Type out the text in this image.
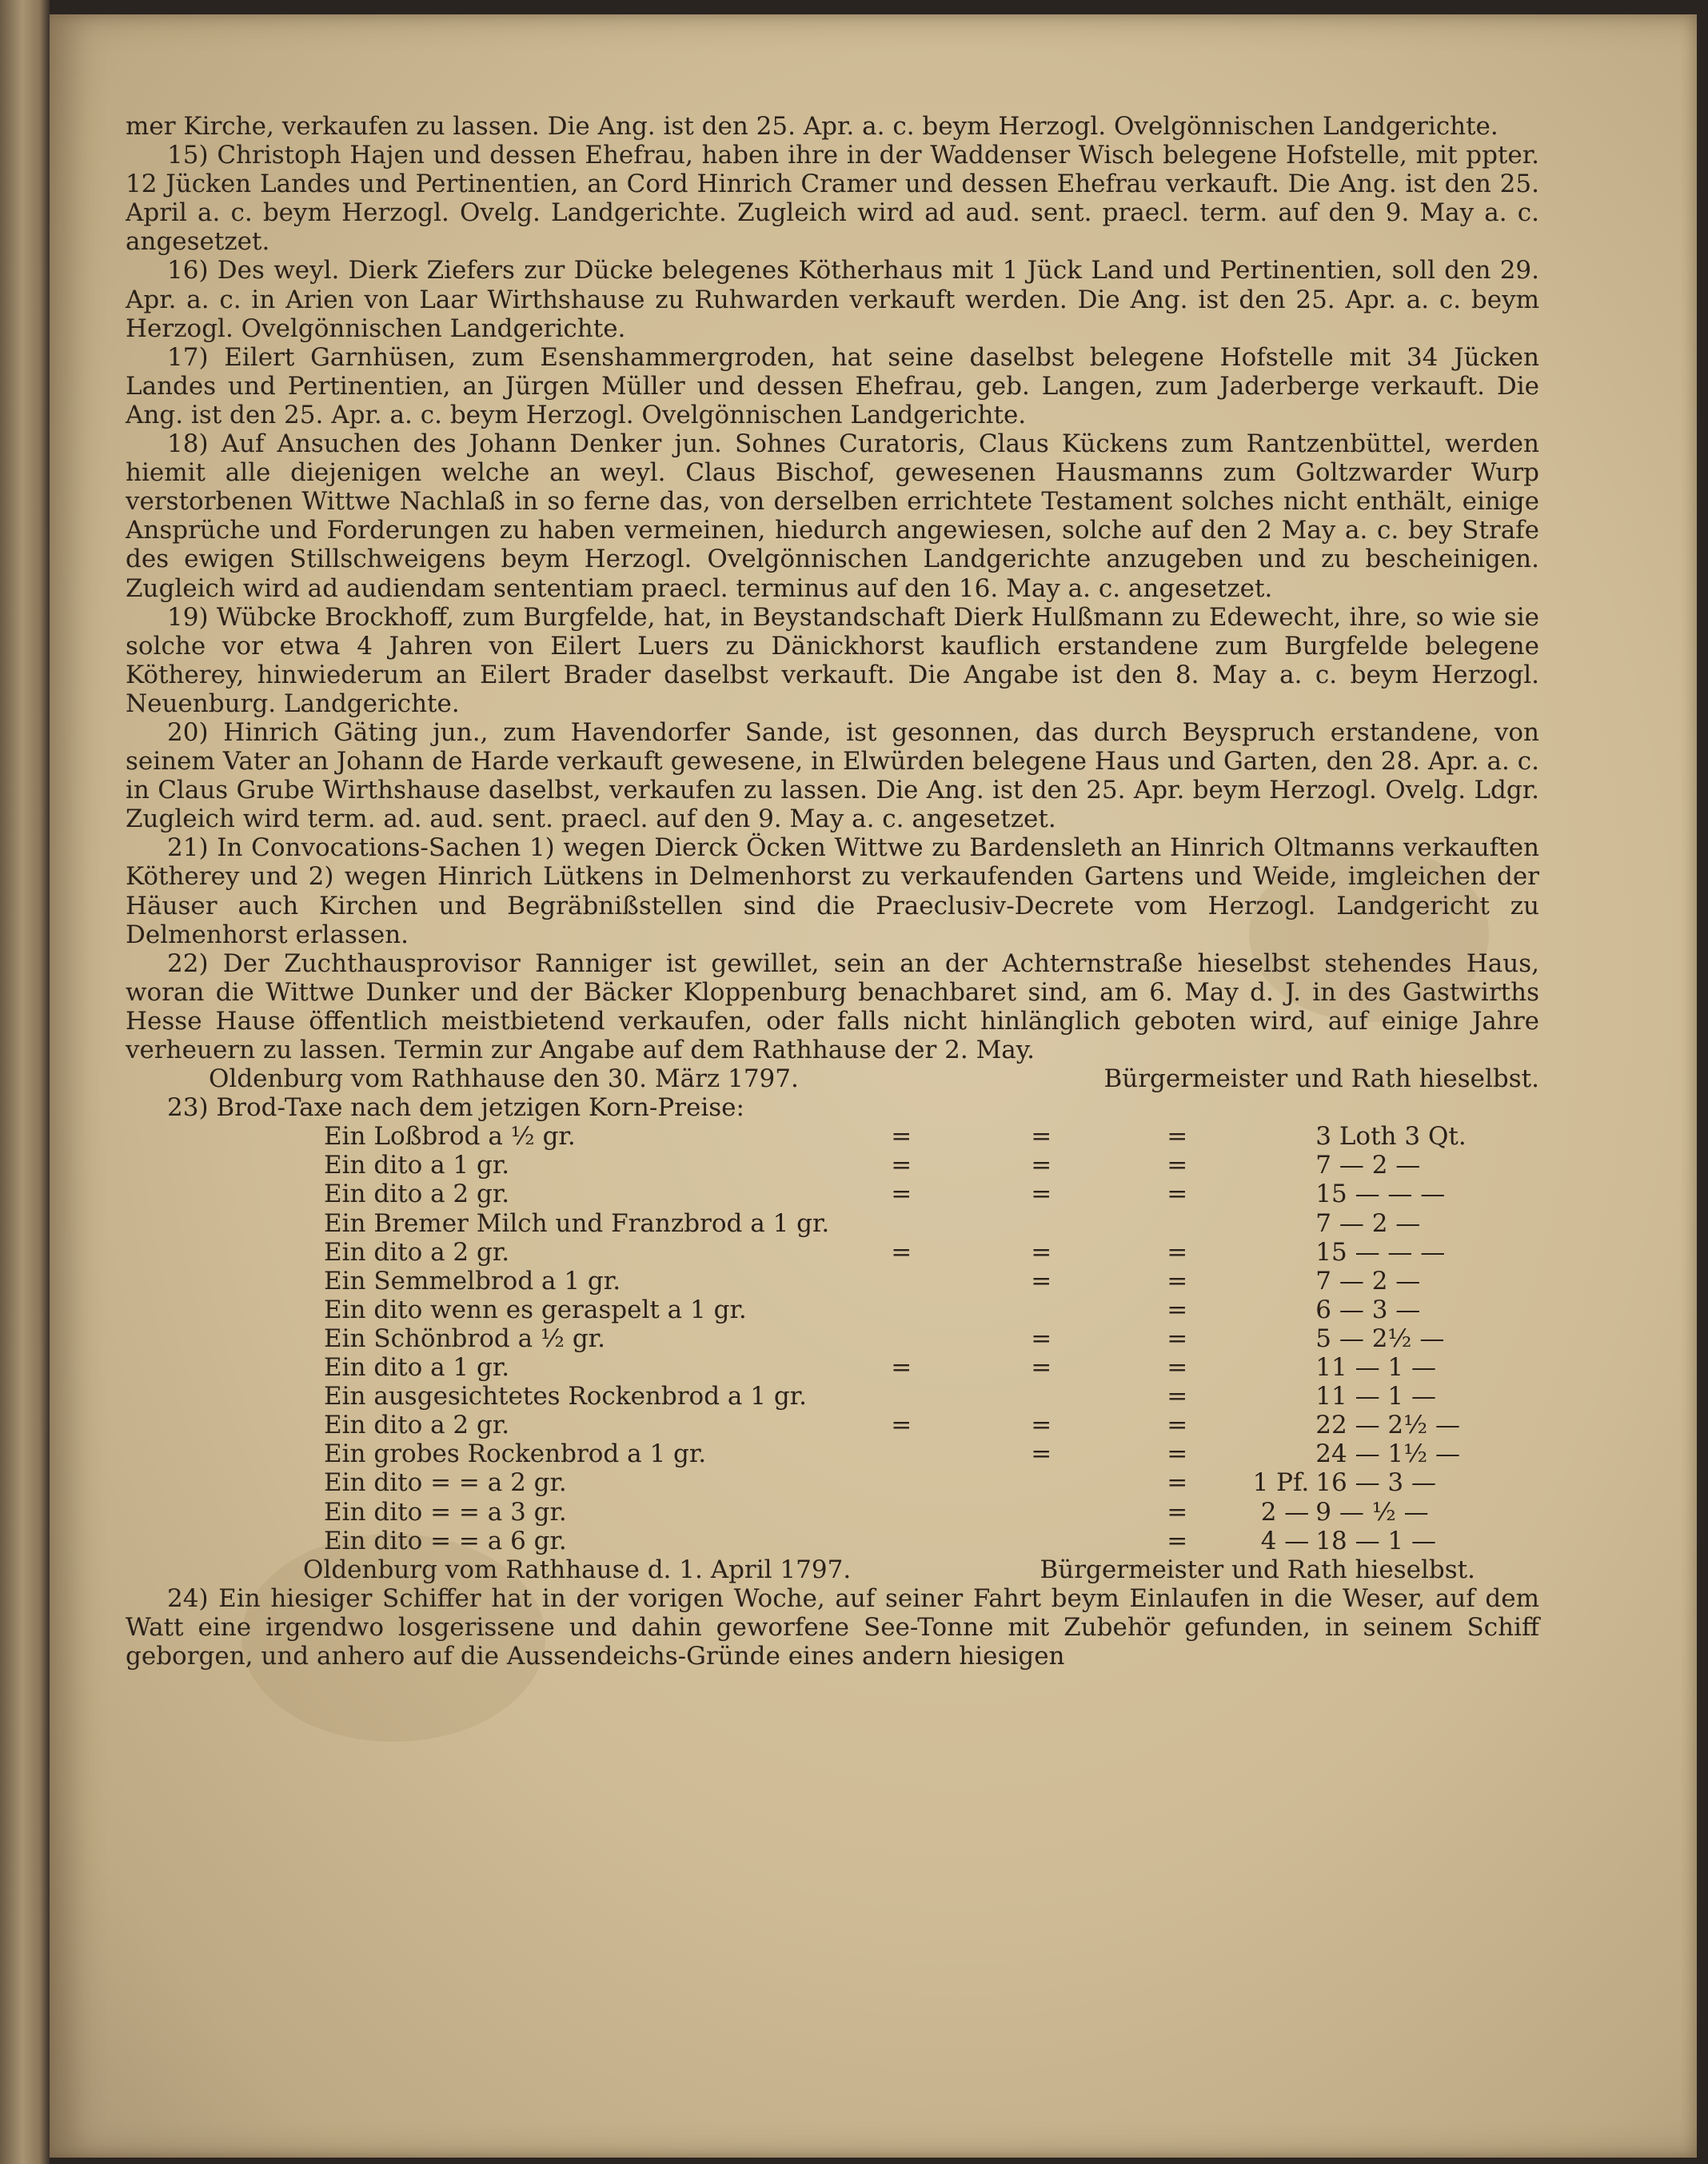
mer Kirche, verkaufen zu lassen. Die Ang. ist den 25. Apr. a. c. beym Herzogl. Ovelgönnischen Landgerichte.

15) Christoph Hajen und dessen Ehefrau, haben ihre in der Waddenser Wisch belegene Hofstelle, mit ppter. 12 Jücken Landes und Pertinentien, an Cord Hinrich Cramer und dessen Ehefrau verkauft. Die Ang. ist den 25. April a. c. beym Herzogl. Ovelg. Landgerichte. Zugleich wird ad aud. sent. praecl. term. auf den 9. May a. c. angesetzet.

16) Des weyl. Dierk Ziefers zur Dücke belegenes Kötherhaus mit 1 Jück Land und Pertinentien, soll den 29. Apr. a. c. in Arien von Laar Wirthshause zu Ruhwarden verkauft werden. Die Ang. ist den 25. Apr. a. c. beym Herzogl. Ovelgönnischen Landgerichte.

17) Eilert Garnhüsen, zum Esenshammergroden, hat seine daselbst belegene Hofstelle mit 34 Jücken Landes und Pertinentien, an Jürgen Müller und dessen Ehefrau, geb. Langen, zum Jaderberge verkauft. Die Ang. ist den 25. Apr. a. c. beym Herzogl. Ovelgönnischen Landgerichte.

18) Auf Ansuchen des Johann Denker jun. Sohnes Curatoris, Claus Kückens zum Rantzenbüttel, werden hiemit alle diejenigen welche an weyl. Claus Bischof, gewesenen Hausmanns zum Goltzwarder Wurp verstorbenen Wittwe Nachlaß in so ferne das, von derselben errichtete Testament solches nicht enthält, einige Ansprüche und Forderungen zu haben vermeinen, hiedurch angewiesen, solche auf den 2 May a. c. bey Strafe des ewigen Stillschweigens beym Herzogl. Ovelgönnischen Landgerichte anzugeben und zu bescheinigen. Zugleich wird ad audiendam sententiam praecl. terminus auf den 16. May a. c. angesetzet.

19) Wübcke Brockhoff, zum Burgfelde, hat, in Beystandschaft Dierk Hulßmann zu Edewecht, ihre, so wie sie solche vor etwa 4 Jahren von Eilert Luers zu Dänickhorst kauflich erstandene zum Burgfelde belegene Kötherey, hinwiederum an Eilert Brader daselbst verkauft. Die Angabe ist den 8. May a. c. beym Herzogl. Neuenburg. Landgerichte.

20) Hinrich Gäting jun., zum Havendorfer Sande, ist gesonnen, das durch Beyspruch erstandene, von seinem Vater an Johann de Harde verkauft gewesene, in Elwürden belegene Haus und Garten, den 28. Apr. a. c. in Claus Grube Wirthshause daselbst, verkaufen zu lassen. Die Ang. ist den 25. Apr. beym Herzogl. Ovelg. Ldgr. Zugleich wird term. ad. aud. sent. praecl. auf den 9. May a. c. angesetzet.

21) In Convocations-Sachen 1) wegen Dierck Öcken Wittwe zu Bardensleth an Hinrich Oltmanns verkauften Kötherey und 2) wegen Hinrich Lütkens in Delmenhorst zu verkaufenden Gartens und Weide, imgleichen der Häuser auch Kirchen und Begräbnißstellen sind die Praeclusiv-Decrete vom Herzogl. Landgericht zu Delmenhorst erlassen.

22) Der Zuchthausprovisor Ranniger ist gewillet, sein an der Achternstraße hieselbst stehendes Haus, woran die Wittwe Dunker und der Bäcker Kloppenburg benachbaret sind, am 6. May d. J. in des Gastwirths Hesse Hause öffentlich meistbietend verkaufen, oder falls nicht hinlänglich geboten wird, auf einige Jahre verheuern zu lassen. Termin zur Angabe auf dem Rathhause der 2. May.

Oldenburg vom Rathhause den 30. März 1797.	Bürgermeister und Rath hieselbst.

23) Brod-Taxe nach dem jetzigen Korn-Preise:

Ein Loßbrod a ½ gr.	=	=	=		3 Loth 3 Qt.
Ein dito a 1 gr.	=	=	=		7 — 2 —
Ein dito a 2 gr.	=	=	=		15 — — —
Ein Bremer Milch und Franzbrod a 1 gr.					7 — 2 —
Ein dito a 2 gr.	=	=	=		15 — — —
Ein Semmelbrod a 1 gr.		=	=		7 — 2 —
Ein dito wenn es geraspelt a 1 gr.			=		6 — 3 —
Ein Schönbrod a ½ gr.		=	=		5 — 2½ —
Ein dito a 1 gr.	=	=	=		11 — 1 —
Ein ausgesichtetes Rockenbrod a 1 gr.			=		11 — 1 —
Ein dito a 2 gr.	=	=	=		22 — 2½ —
Ein grobes Rockenbrod a 1 gr.		=	=		24 — 1½ —
Ein dito = = a 2 gr.			=	1 Pf.	16 — 3 —
Ein dito = = a 3 gr.			=	2 —	9 — ½ —
Ein dito = = a 6 gr.			=	4 —	18 — 1 —

Oldenburg vom Rathhause d. 1. April 1797.	Bürgermeister und Rath hieselbst.

24) Ein hiesiger Schiffer hat in der vorigen Woche, auf seiner Fahrt beym Einlaufen in die Weser, auf dem Watt eine irgendwo losgerissene und dahin geworfene See-Tonne mit Zubehör gefunden, in seinem Schiff geborgen, und anhero auf die Aussendeichs-Gründe eines andern hiesigen
